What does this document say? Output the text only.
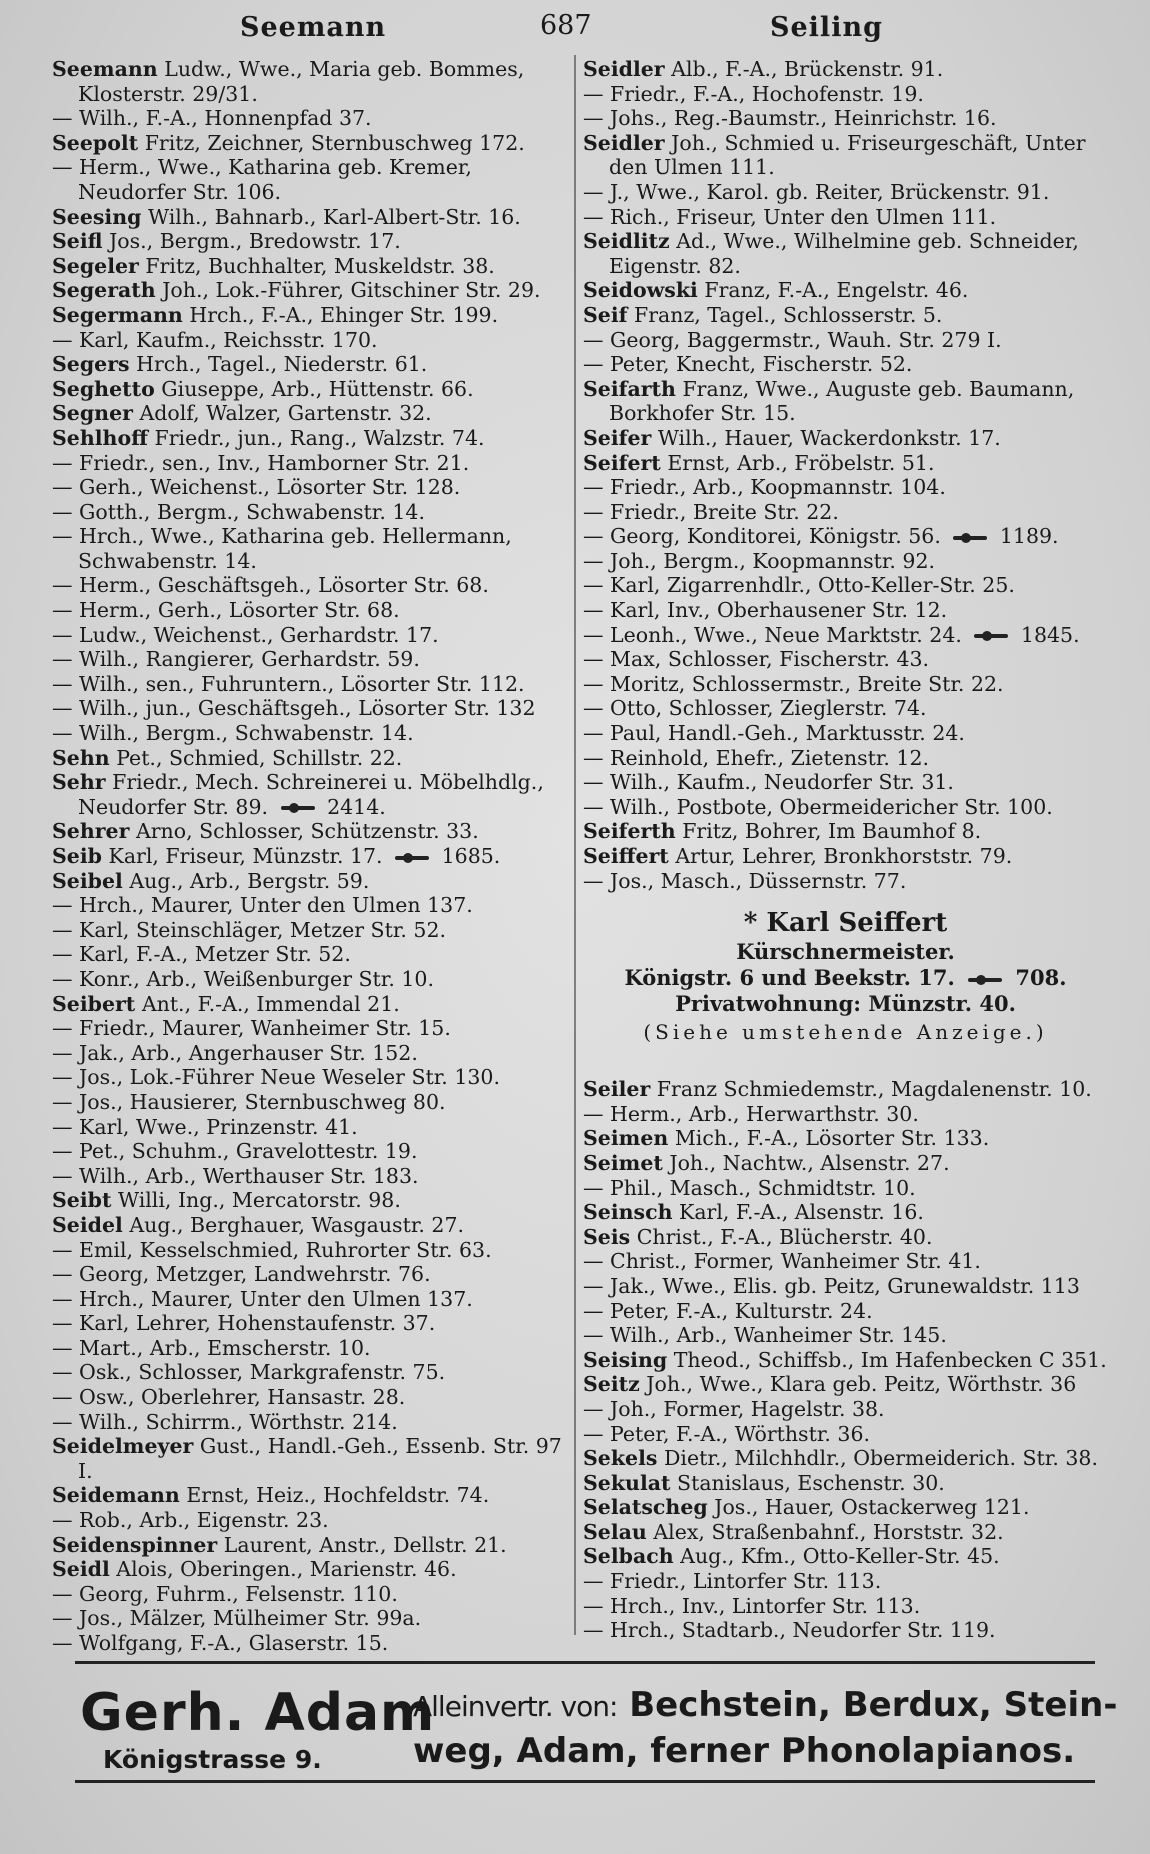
Seemann	687	Seiling
Seemann Ludw., Wwe., Maria geb. Bommes, Klosterstr. 29/31.
— Wilh., F.-A., Honnenpfad 37.
Seepolt Fritz, Zeichner, Sternbuschweg 172.
— Herm., Wwe., Katharina geb. Kremer, Neudorfer Str. 106.
Seesing Wilh., Bahnarb., Karl-Albert-Str. 16.
Seifl Jos., Bergm., Bredowstr. 17.
Segeler Fritz, Buchhalter, Muskeldstr. 38.
Segerath Joh., Lok.-Führer, Gitschiner Str. 29.
Segermann Hrch., F.-A., Ehinger Str. 199.
— Karl, Kaufm., Reichsstr. 170.
Segers Hrch., Tagel., Niederstr. 61.
Seghetto Giuseppe, Arb., Hüttenstr. 66.
Segner Adolf, Walzer, Gartenstr. 32.
Sehlhoff Friedr., jun., Rang., Walzstr. 74.
— Friedr., sen., Inv., Hamborner Str. 21.
— Gerh., Weichenst., Lösorter Str. 128.
— Gotth., Bergm., Schwabenstr. 14.
— Hrch., Wwe., Katharina geb. Hellermann, Schwabenstr. 14.
— Herm., Geschäftsgeh., Lösorter Str. 68.
— Herm., Gerh., Lösorter Str. 68.
— Ludw., Weichenst., Gerhardstr. 17.
— Wilh., Rangierer, Gerhardstr. 59.
— Wilh., sen., Fuhruntern., Lösorter Str. 112.
— Wilh., jun., Geschäftsgeh., Lösorter Str. 132
— Wilh., Bergm., Schwabenstr. 14.
Sehn Pet., Schmied, Schillstr. 22.
Sehr Friedr., Mech. Schreinerei u. Möbelhdlg., Neudorfer Str. 89.  2414.
Sehrer Arno, Schlosser, Schützenstr. 33.
Seib Karl, Friseur, Münzstr. 17.  1685.
Seibel Aug., Arb., Bergstr. 59.
— Hrch., Maurer, Unter den Ulmen 137.
— Karl, Steinschläger, Metzer Str. 52.
— Karl, F.-A., Metzer Str. 52.
— Konr., Arb., Weißenburger Str. 10.
Seibert Ant., F.-A., Immendal 21.
— Friedr., Maurer, Wanheimer Str. 15.
— Jak., Arb., Angerhauser Str. 152.
— Jos., Lok.-Führer Neue Weseler Str. 130.
— Jos., Hausierer, Sternbuschweg 80.
— Karl, Wwe., Prinzenstr. 41.
— Pet., Schuhm., Gravelottestr. 19.
— Wilh., Arb., Werthauser Str. 183.
Seibt Willi, Ing., Mercatorstr. 98.
Seidel Aug., Berghauer, Wasgaustr. 27.
— Emil, Kesselschmied, Ruhrorter Str. 63.
— Georg, Metzger, Landwehrstr. 76.
— Hrch., Maurer, Unter den Ulmen 137.
— Karl, Lehrer, Hohenstaufenstr. 37.
— Mart., Arb., Emscherstr. 10.
— Osk., Schlosser, Markgrafenstr. 75.
— Osw., Oberlehrer, Hansastr. 28.
— Wilh., Schirrm., Wörthstr. 214.
Seidelmeyer Gust., Handl.-Geh., Essenb. Str. 97 I.
Seidemann Ernst, Heiz., Hochfeldstr. 74.
— Rob., Arb., Eigenstr. 23.
Seidenspinner Laurent, Anstr., Dellstr. 21.
Seidl Alois, Oberingen., Marienstr. 46.
— Georg, Fuhrm., Felsenstr. 110.
— Jos., Mälzer, Mülheimer Str. 99a.
— Wolfgang, F.-A., Glaserstr. 15.
Seidler Alb., F.-A., Brückenstr. 91.
— Friedr., F.-A., Hochofenstr. 19.
— Johs., Reg.-Baumstr., Heinrichstr. 16.
Seidler Joh., Schmied u. Friseurgeschäft, Unter den Ulmen 111.
— J., Wwe., Karol. gb. Reiter, Brückenstr. 91.
— Rich., Friseur, Unter den Ulmen 111.
Seidlitz Ad., Wwe., Wilhelmine geb. Schneider, Eigenstr. 82.
Seidowski Franz, F.-A., Engelstr. 46.
Seif Franz, Tagel., Schlosserstr. 5.
— Georg, Baggermstr., Wauh. Str. 279 I.
— Peter, Knecht, Fischerstr. 52.
Seifarth Franz, Wwe., Auguste geb. Baumann, Borkhofer Str. 15.
Seifer Wilh., Hauer, Wackerdonkstr. 17.
Seifert Ernst, Arb., Fröbelstr. 51.
— Friedr., Arb., Koopmannstr. 104.
— Friedr., Breite Str. 22.
— Georg, Konditorei, Königstr. 56.  1189.
— Joh., Bergm., Koopmannstr. 92.
— Karl, Zigarrenhdlr., Otto-Keller-Str. 25.
— Karl, Inv., Oberhausener Str. 12.
— Leonh., Wwe., Neue Marktstr. 24.  1845.
— Max, Schlosser, Fischerstr. 43.
— Moritz, Schlossermstr., Breite Str. 22.
— Otto, Schlosser, Zieglerstr. 74.
— Paul, Handl.-Geh., Marktusstr. 24.
— Reinhold, Ehefr., Zietenstr. 12.
— Wilh., Kaufm., Neudorfer Str. 31.
— Wilh., Postbote, Obermeidericher Str. 100.
Seiferth Fritz, Bohrer, Im Baumhof 8.
Seiffert Artur, Lehrer, Bronkhorststr. 79.
— Jos., Masch., Düssernstr. 77.
* Karl Seiffert
Kürschnermeister.
Königstr. 6 und Beekstr. 17.	708.
Privatwohnung: Münzstr. 40.
(Siehe umstehende Anzeige.)
Seiler Franz Schmiedemstr., Magdalenenstr. 10.
— Herm., Arb., Herwarthstr. 30.
Seimen Mich., F.-A., Lösorter Str. 133.
Seimet Joh., Nachtw., Alsenstr. 27.
— Phil., Masch., Schmidtstr. 10.
Seinsch Karl, F.-A., Alsenstr. 16.
Seis Christ., F.-A., Blücherstr. 40.
— Christ., Former, Wanheimer Str. 41.
— Jak., Wwe., Elis. gb. Peitz, Grunewaldstr. 113
— Peter, F.-A., Kulturstr. 24.
— Wilh., Arb., Wanheimer Str. 145.
Seising Theod., Schiffsb., Im Hafenbecken C 351.
Seitz Joh., Wwe., Klara geb. Peitz, Wörthstr. 36
— Joh., Former, Hagelstr. 38.
— Peter, F.-A., Wörthstr. 36.
Sekels Dietr., Milchhdlr., Obermeiderich. Str. 38.
Sekulat Stanislaus, Eschenstr. 30.
Selatscheg Jos., Hauer, Ostackerweg 121.
Selau Alex, Straßenbahnf., Horststr. 32.
Selbach Aug., Kfm., Otto-Keller-Str. 45.
— Friedr., Lintorfer Str. 113.
— Hrch., Inv., Lintorfer Str. 113.
— Hrch., Stadtarb., Neudorfer Str. 119.
Gerh. Adam
Königstrasse 9.
Alleinvertr. von: Bechstein, Berdux, Stein-
weg, Adam, ferner Phonolapianos.
